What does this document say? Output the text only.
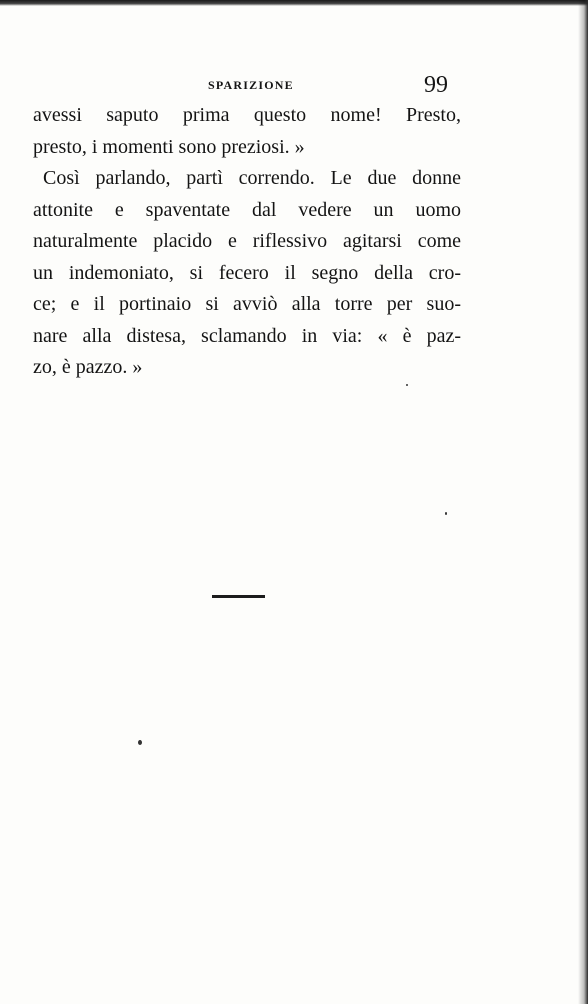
SPARIZIONE	99
avessi saputo prima questo nome! Presto,
presto, i momenti sono preziosi. »
Così parlando, partì correndo. Le due donne
attonite e spaventate dal vedere un uomo
naturalmente placido e riflessivo agitarsi come
un indemoniato, si fecero il segno della cro-
ce; e il portinaio si avviò alla torre per suo-
nare alla distesa, sclamando in via: « è paz-
zo, è pazzo. »
